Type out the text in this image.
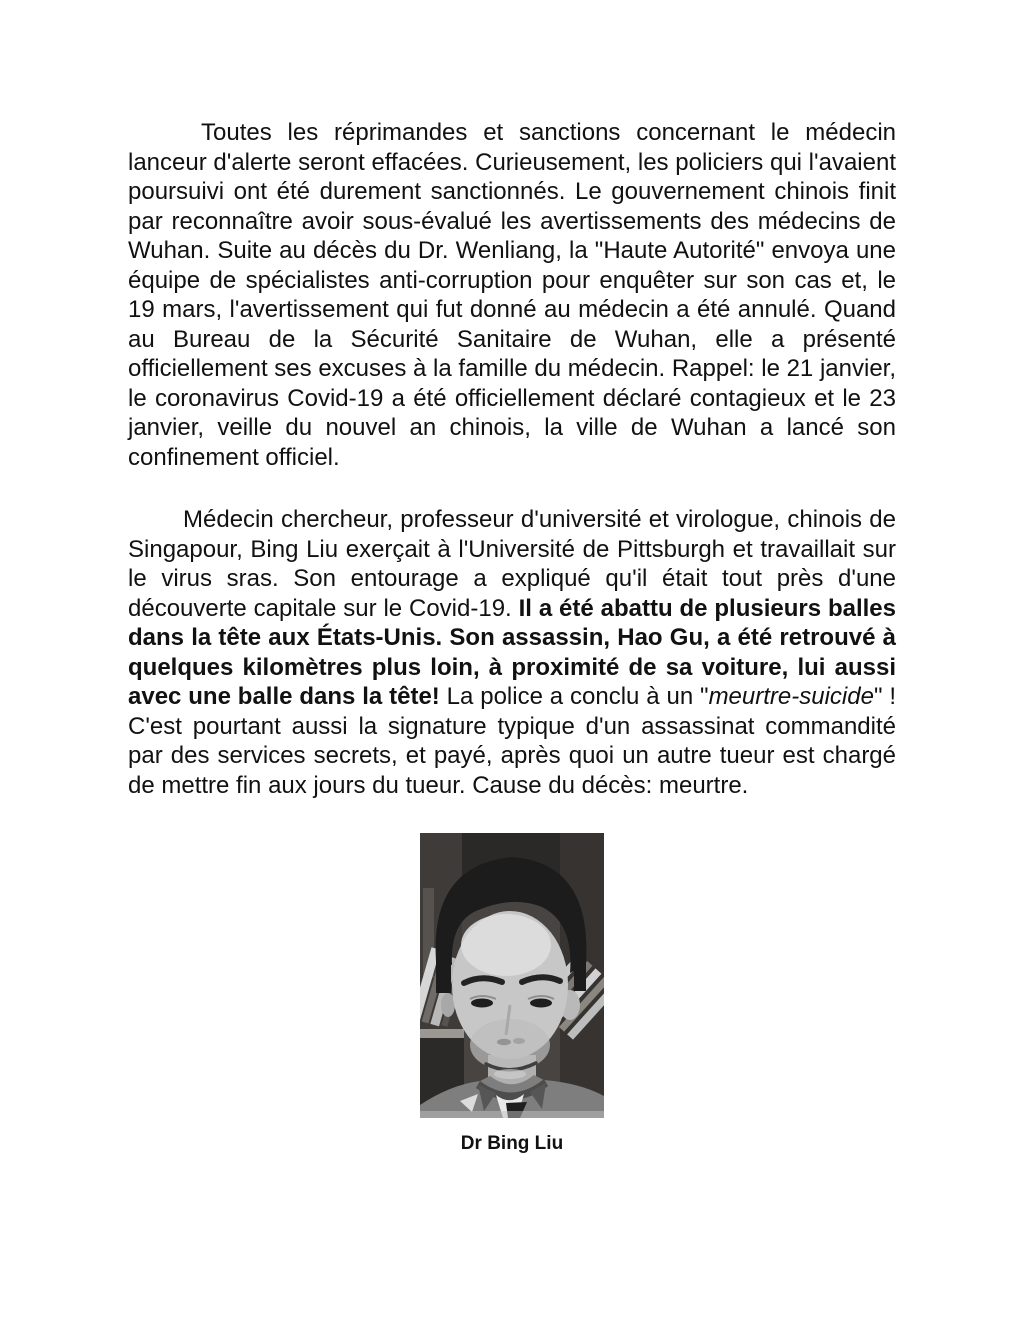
Toutes les réprimandes et sanctions concernant le médecin lanceur d'alerte seront effacées. Curieusement, les policiers qui l'avaient poursuivi ont été durement sanctionnés. Le gouvernement chinois finit par reconnaître avoir sous-évalué les avertissements des médecins de Wuhan. Suite au décès du Dr. Wenliang, la "Haute Autorité" envoya une équipe de spécialistes anti-corruption pour enquêter sur son cas et, le 19 mars, l'avertissement qui fut donné au médecin a été annulé. Quand au Bureau de la Sécurité Sanitaire de Wuhan, elle a présenté officiellement ses excuses à la famille du médecin. Rappel: le 21 janvier, le coronavirus Covid-19 a été officiellement déclaré contagieux et le 23 janvier, veille du nouvel an chinois, la ville de Wuhan a lancé son confinement officiel.

Médecin chercheur, professeur d'université et virologue, chinois de Singapour, Bing Liu exerçait à l'Université de Pittsburgh et travaillait sur le virus sras. Son entourage a expliqué qu'il était tout près d'une découverte capitale sur le Covid-19. Il a été abattu de plusieurs balles dans la tête aux États-Unis. Son assassin, Hao Gu, a été retrouvé à quelques kilomètres plus loin, à proximité de sa voiture, lui aussi avec une balle dans la tête! La police a conclu à un "meurtre-suicide" ! C'est pourtant aussi la signature typique d'un assassinat commandité par des services secrets, et payé, après quoi un autre tueur est chargé de mettre fin aux jours du tueur. Cause du décès: meurtre.

Dr Bing Liu
